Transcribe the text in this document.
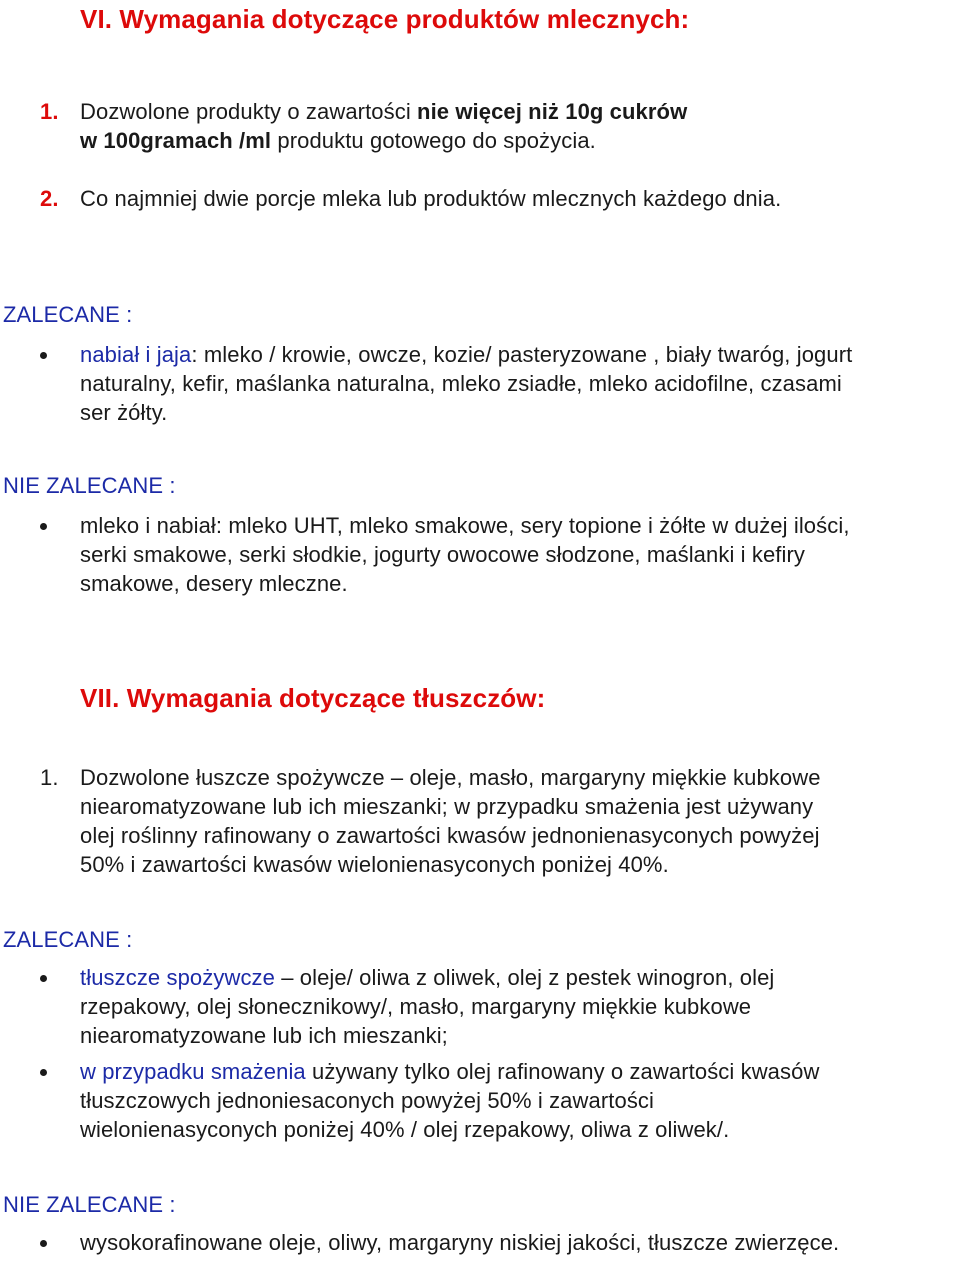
VI. Wymagania dotyczące produktów mlecznych:
1. Dozwolone produkty o zawartości nie więcej niż 10g cukrów
w 100gramach /ml produktu gotowego do spożycia.
2. Co najmniej dwie porcje mleka lub produktów mlecznych każdego dnia.
ZALECANE :
nabiał i jaja: mleko / krowie, owcze, kozie/ pasteryzowane , biały twaróg, jogurt
naturalny, kefir, maślanka naturalna, mleko zsiadłe, mleko acidofilne, czasami
ser żółty.
NIE ZALECANE :
mleko i nabiał: mleko UHT, mleko smakowe, sery topione i żółte w dużej ilości,
serki smakowe, serki słodkie, jogurty owocowe słodzone, maślanki i kefiry
smakowe, desery mleczne.
VII. Wymagania dotyczące tłuszczów:
1. Dozwolone łuszcze spożywcze – oleje, masło, margaryny miękkie kubkowe
niearomatyzowane lub ich mieszanki; w przypadku smażenia jest używany
olej roślinny rafinowany o zawartości kwasów jednonienasyconych powyżej
50% i zawartości kwasów wielonienasyconych poniżej 40%.
ZALECANE :
tłuszcze spożywcze – oleje/ oliwa z oliwek, olej z pestek winogron, olej
rzepakowy, olej słonecznikowy/, masło, margaryny miękkie kubkowe
niearomatyzowane lub ich mieszanki;
w przypadku smażenia używany tylko olej rafinowany o zawartości kwasów
tłuszczowych jednoniesaconych powyżej 50% i zawartości
wielonienasyconych poniżej 40% / olej rzepakowy, oliwa z oliwek/.
NIE ZALECANE :
wysokorafinowane oleje, oliwy, margaryny niskiej jakości, tłuszcze zwierzęce.
